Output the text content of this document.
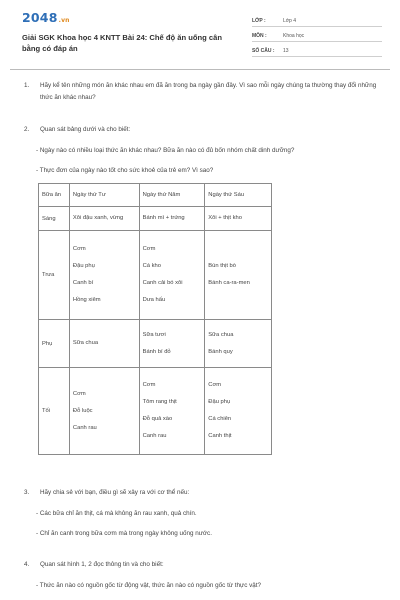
2048.vn
Giải SGK Khoa học 4 KNTT Bài 24: Chế độ ăn uống cân bằng có đáp án
LỚP :	Lớp 4
MÔN :	Khoa học
SỐ CÂU :	13
1.	Hãy kể tên những món ăn khác nhau em đã ăn trong ba ngày gần đây. Vì sao mỗi ngày chúng ta thường thay đổi những thức ăn khác nhau?
2.	Quan sát bảng dưới và cho biết:
- Ngày nào có nhiều loại thức ăn khác nhau? Bữa ăn nào có đủ bốn nhóm chất dinh dưỡng?
- Thực đơn của ngày nào tốt cho sức khoẻ của trẻ em? Vì sao?
Bữa ăn	Ngày thứ Tư	Ngày thứ Năm	Ngày thứ Sáu
Sáng	Xôi đậu xanh, vừng	Bánh mì + trứng	Xôi + thịt kho

Trưa	Cơm
Đậu phụ
Canh bí
Hồng xiêm	Cơm
Cá kho
Canh cải bó xôi
Dưa hấu	Bún thịt bò
Bánh ca-ra-men

Phụ	Sữa chua	Sữa tươi
Bánh bí đỏ	Sữa chua
Bánh quy

Tối	Cơm
Đỗ luộc
Canh rau	Cơm
Tôm rang thịt
Đỗ quả xào
Canh rau	Cơm
Đậu phụ
Cá chiên
Canh thịt
3.	Hãy chia sẻ với bạn, điều gì sẽ xảy ra với cơ thể nếu:
- Các bữa chỉ ăn thịt, cá mà không ăn rau xanh, quả chín.
- Chỉ ăn canh trong bữa cơm mà trong ngày không uống nước.
4.	Quan sát hình 1, 2 đọc thông tin và cho biết:
- Thức ăn nào có nguồn gốc từ động vật, thức ăn nào có nguồn gốc từ thực vật?
